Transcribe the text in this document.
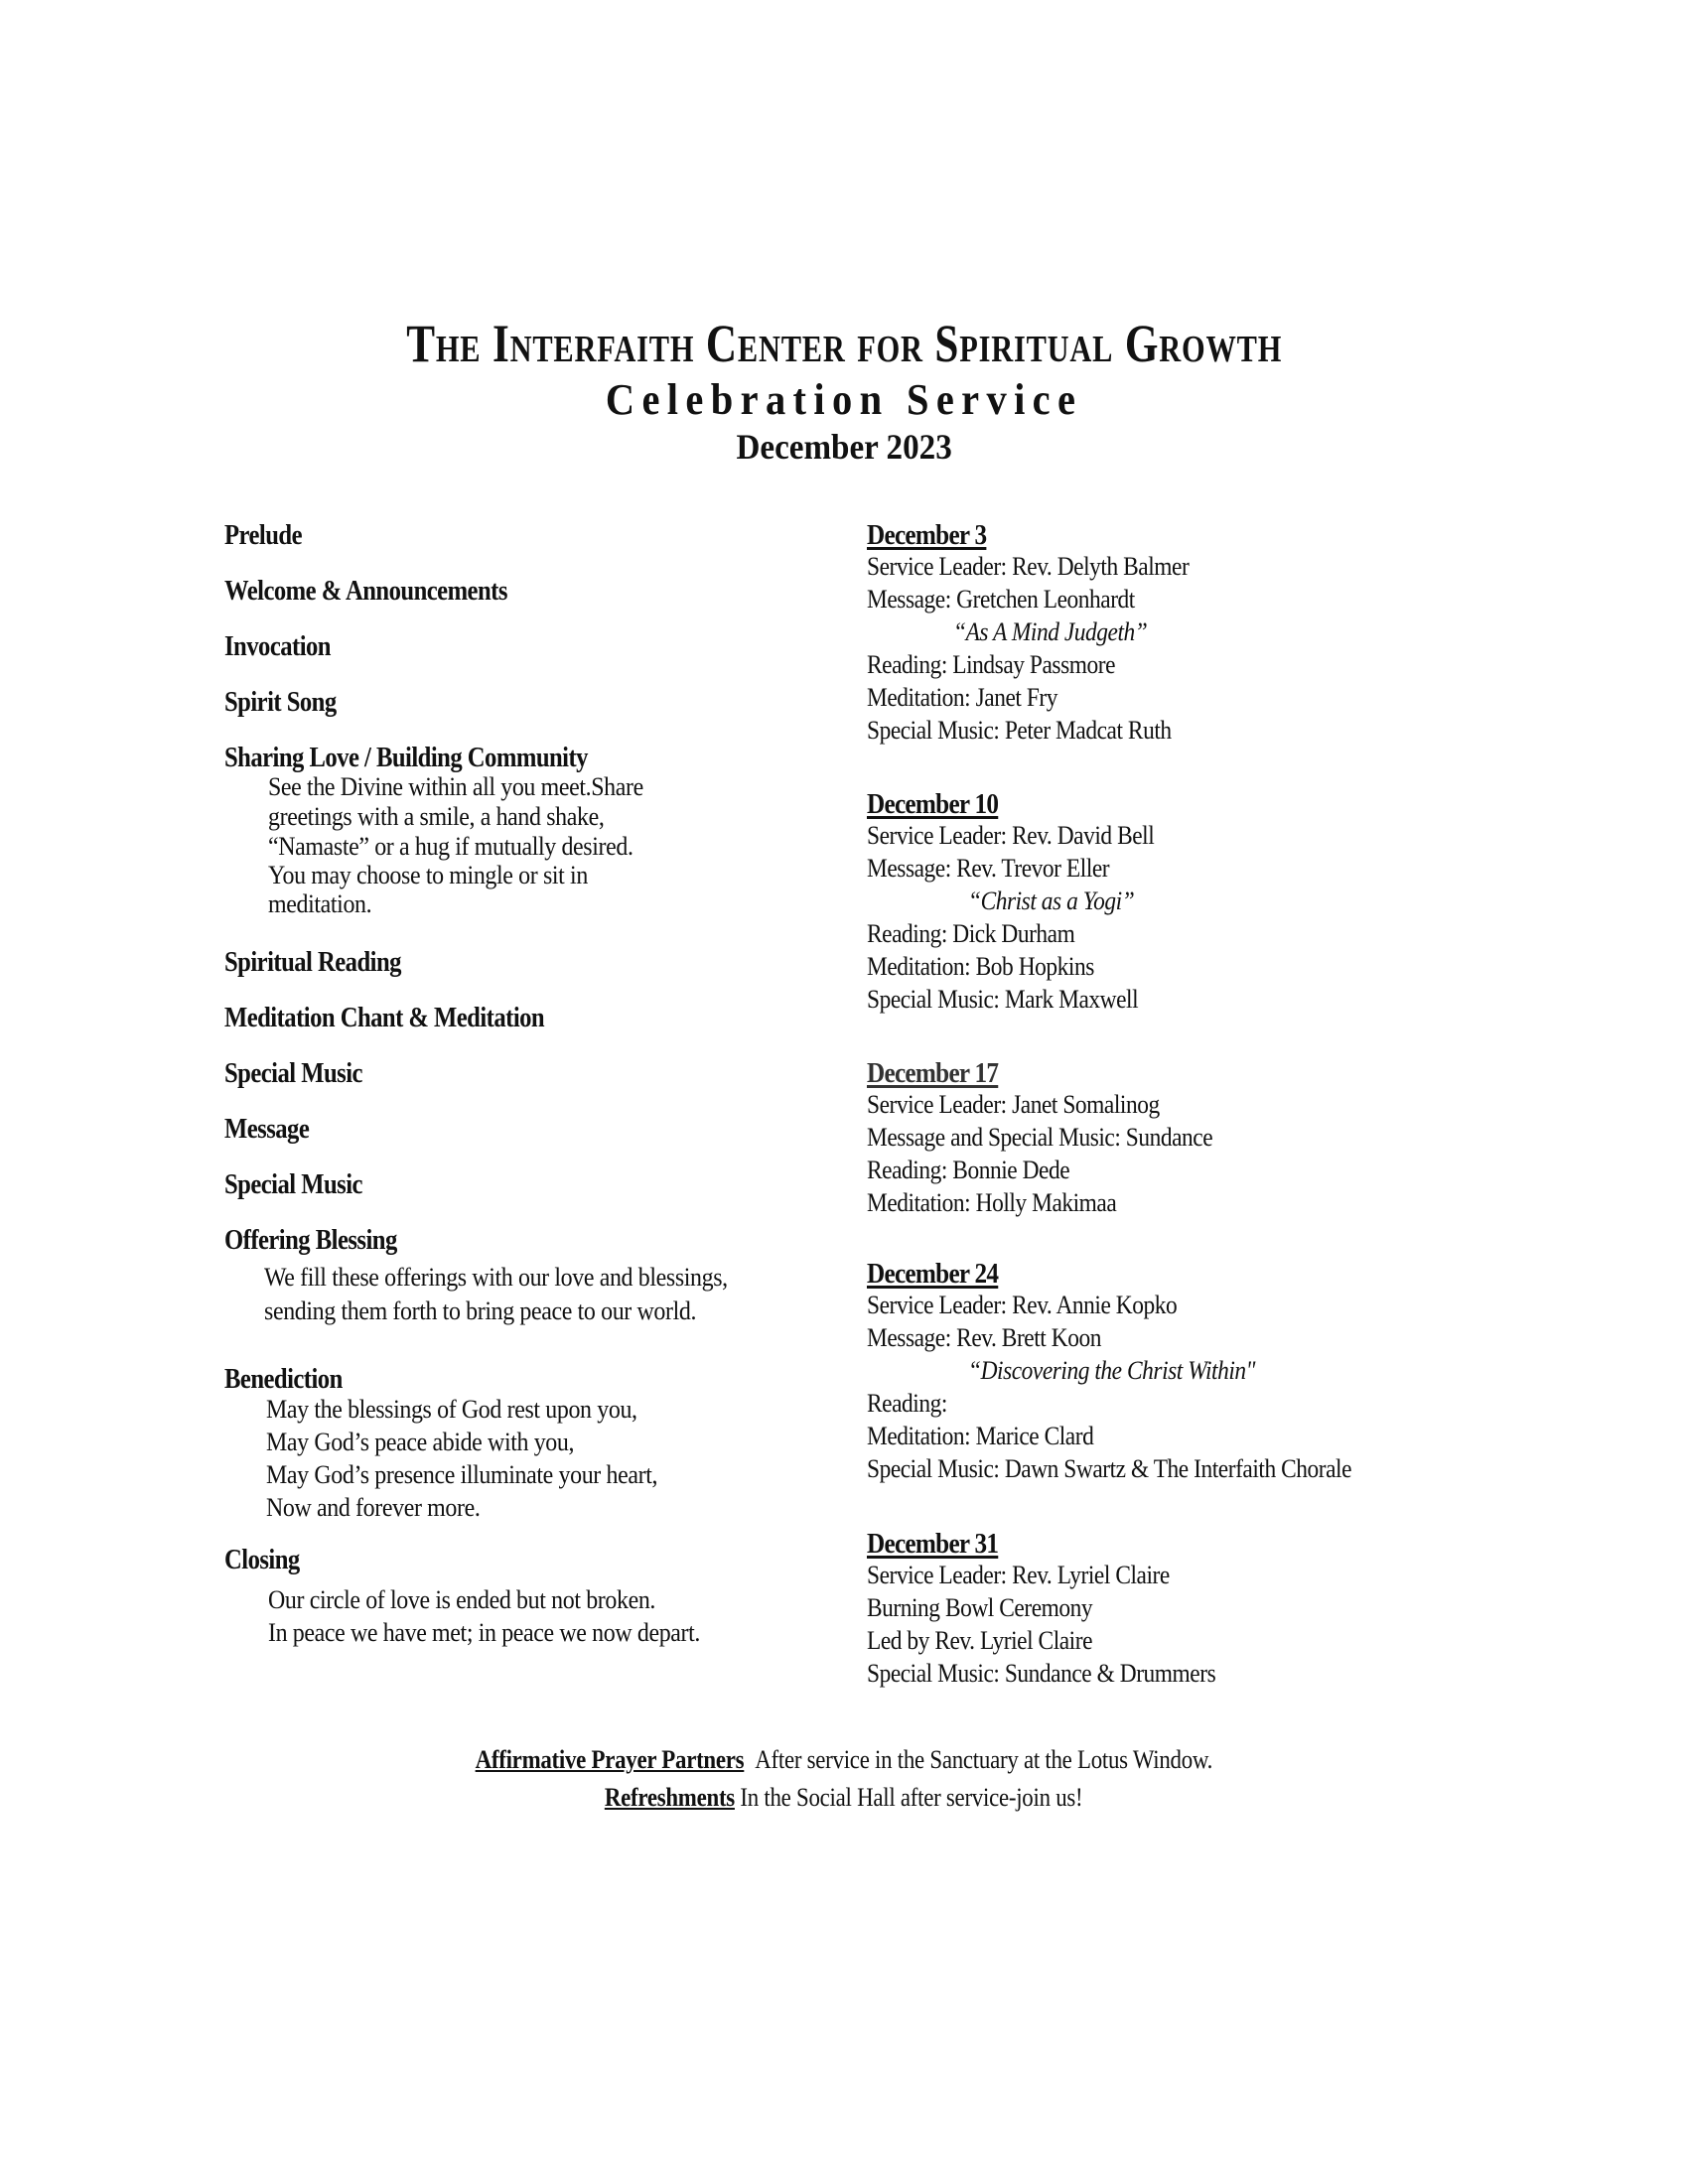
The Interfaith Center for Spiritual Growth
Celebration Service
December 2023
Prelude
Welcome & Announcements
Invocation
Spirit Song
Sharing Love / Building Community
See the Divine within all you meet.Share
greetings with a smile, a hand shake,
“Namaste” or a hug if mutually desired.
You may choose to mingle or sit in
meditation.
Spiritual Reading
Meditation Chant & Meditation
Special Music
Message
Special Music
Offering Blessing
We fill these offerings with our love and blessings,
sending them forth to bring peace to our world.
Benediction
May the blessings of God rest upon you,
May God’s peace abide with you,
May God’s presence illuminate your heart,
Now and forever more.
Closing
Our circle of love is ended but not broken.
In peace we have met; in peace we now depart.
December 3
Service Leader: Rev. Delyth Balmer
Message: Gretchen Leonhardt
“As A Mind Judgeth”
Reading: Lindsay Passmore
Meditation: Janet Fry
Special Music: Peter Madcat Ruth
December 10
Service Leader: Rev. David Bell
Message: Rev. Trevor Eller
“Christ as a Yogi”
Reading: Dick Durham
Meditation: Bob Hopkins
Special Music: Mark Maxwell
December 17
Service Leader: Janet Somalinog
Message and Special Music: Sundance
Reading: Bonnie Dede
Meditation: Holly Makimaa
December 24
Service Leader: Rev. Annie Kopko
Message: Rev. Brett Koon
“Discovering the Christ Within"
Reading:
Meditation: Marice Clard
Special Music: Dawn Swartz & The Interfaith Chorale
December 31
Service Leader: Rev. Lyriel Claire
Burning Bowl Ceremony
Led by Rev. Lyriel Claire
Special Music: Sundance & Drummers
Affirmative Prayer Partners After service in the Sanctuary at the Lotus Window.
Refreshments In the Social Hall after service-join us!
